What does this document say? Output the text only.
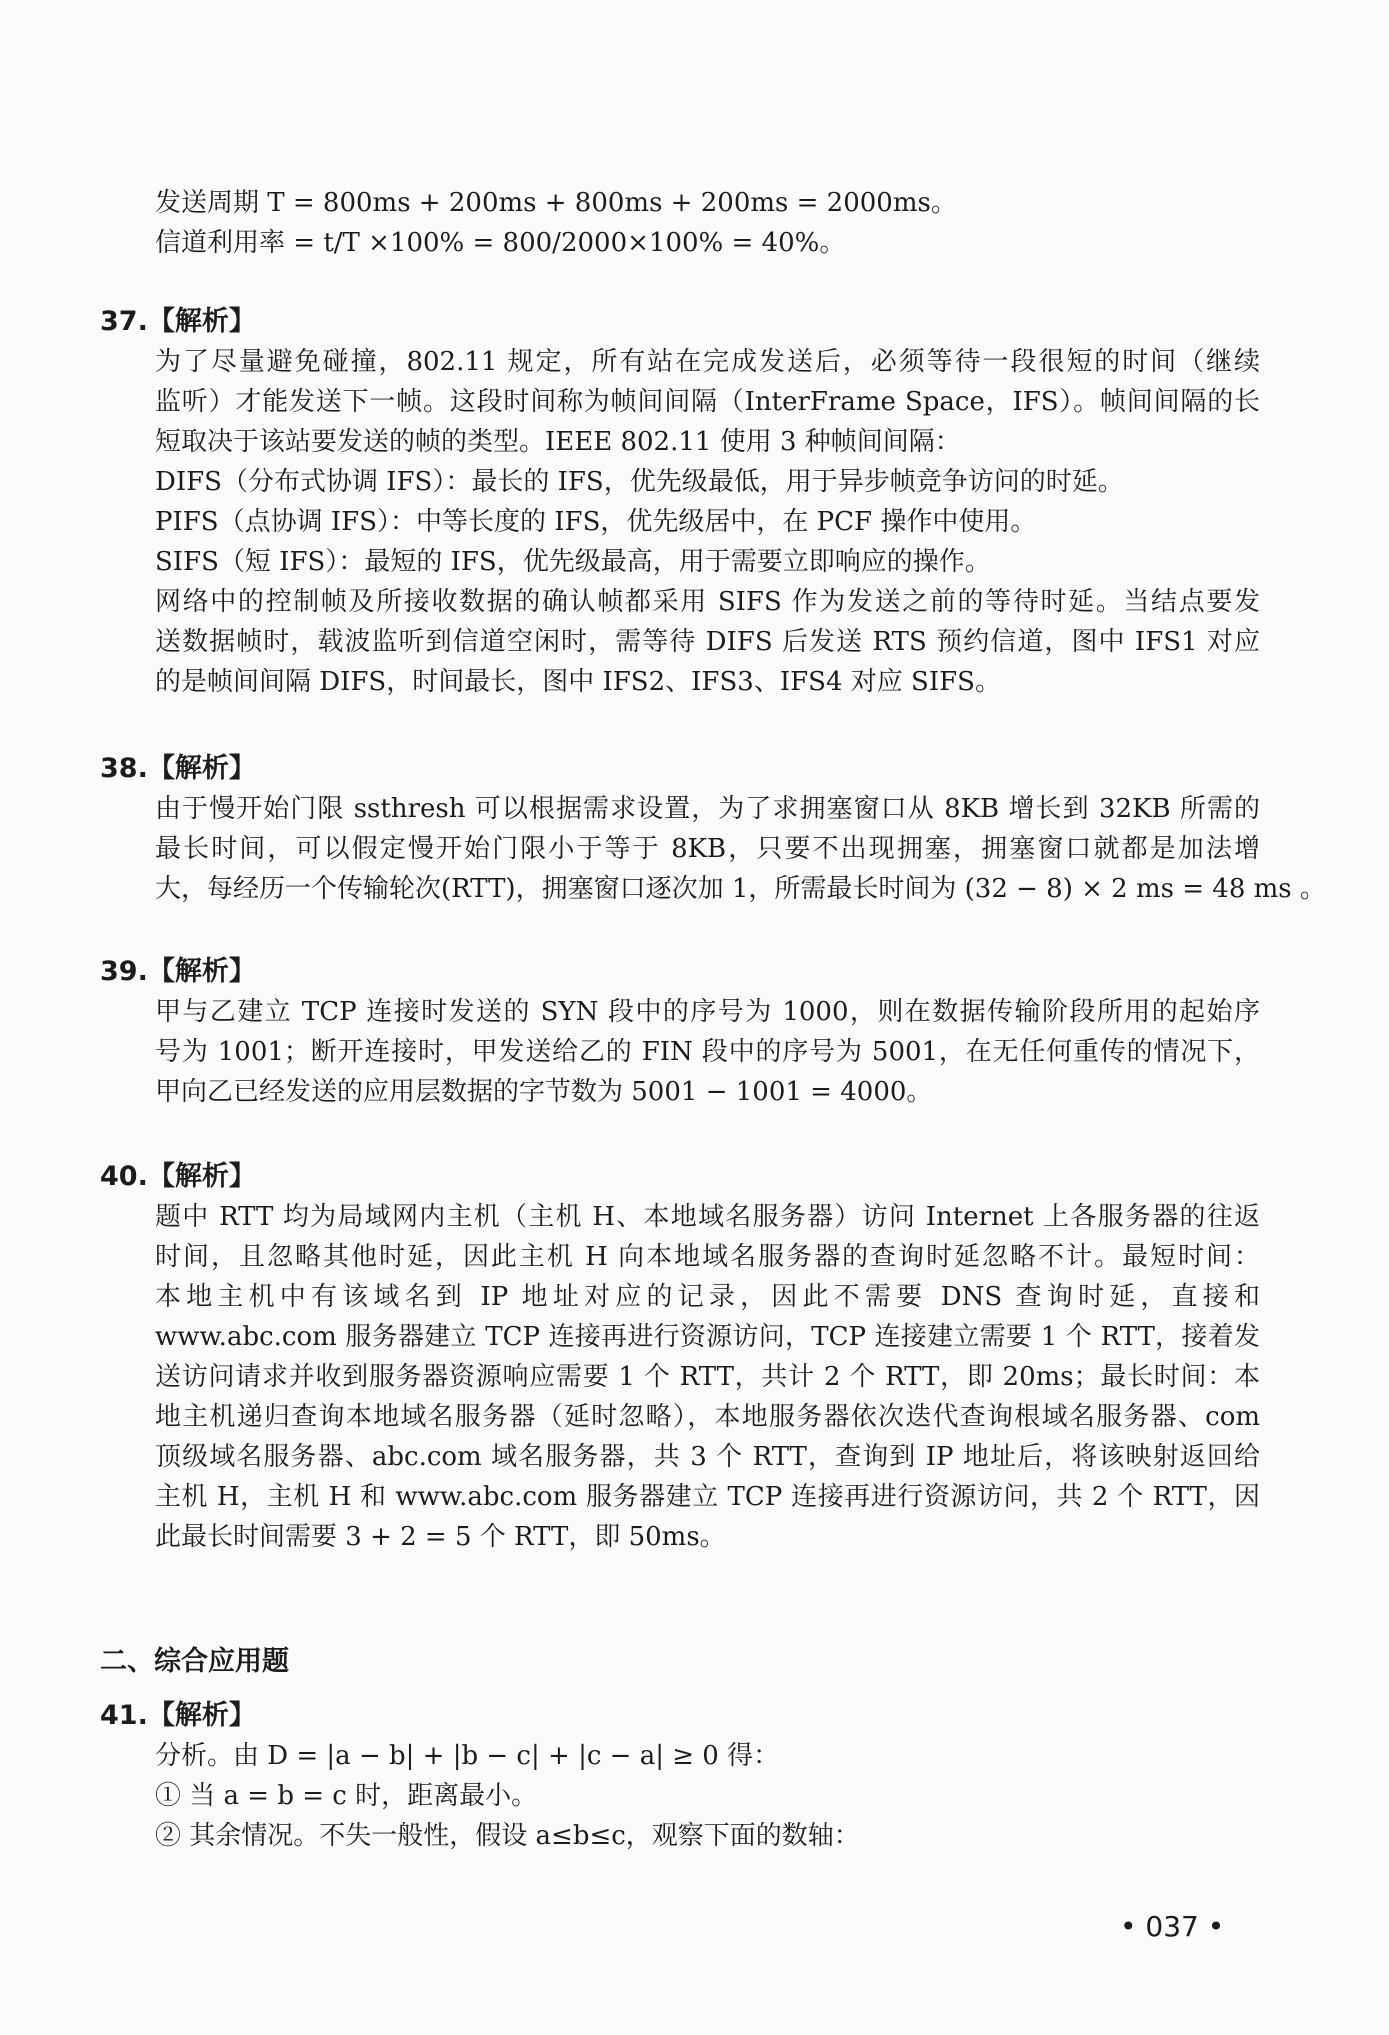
发送周期 T = 800ms + 200ms + 800ms + 200ms = 2000ms。
信道利用率 = t/T ×100% = 800/2000×100% = 40%。
37.【解析】
为了尽量避免碰撞，802.11 规定，所有站在完成发送后，必须等待一段很短的时间（继续
监听）才能发送下一帧。这段时间称为帧间间隔（InterFrame Space，IFS）。帧间间隔的长
短取决于该站要发送的帧的类型。IEEE 802.11 使用 3 种帧间间隔：
DIFS（分布式协调 IFS）：最长的 IFS，优先级最低，用于异步帧竞争访问的时延。
PIFS（点协调 IFS）：中等长度的 IFS，优先级居中，在 PCF 操作中使用。
SIFS（短 IFS）：最短的 IFS，优先级最高，用于需要立即响应的操作。
网络中的控制帧及所接收数据的确认帧都采用 SIFS 作为发送之前的等待时延。当结点要发
送数据帧时，载波监听到信道空闲时，需等待 DIFS 后发送 RTS 预约信道，图中 IFS1 对应
的是帧间间隔 DIFS，时间最长，图中 IFS2、IFS3、IFS4 对应 SIFS。
38.【解析】
由于慢开始门限 ssthresh 可以根据需求设置，为了求拥塞窗口从 8KB 增长到 32KB 所需的
最长时间，可以假定慢开始门限小于等于 8KB，只要不出现拥塞，拥塞窗口就都是加法增
大，每经历一个传输轮次(RTT)，拥塞窗口逐次加 1，所需最长时间为 (32 − 8) × 2 ms = 48 ms 。
39.【解析】
甲与乙建立 TCP 连接时发送的 SYN 段中的序号为 1000，则在数据传输阶段所用的起始序
号为 1001；断开连接时，甲发送给乙的 FIN 段中的序号为 5001，在无任何重传的情况下，
甲向乙已经发送的应用层数据的字节数为 5001 − 1001 = 4000。
40.【解析】
题中 RTT 均为局域网内主机（主机 H、本地域名服务器）访问 Internet 上各服务器的往返
时间，且忽略其他时延，因此主机 H 向本地域名服务器的查询时延忽略不计。最短时间：
本地主机中有该域名到 IP 地址对应的记录，因此不需要 DNS 查询时延，直接和
www.abc.com 服务器建立 TCP 连接再进行资源访问，TCP 连接建立需要 1 个 RTT，接着发
送访问请求并收到服务器资源响应需要 1 个 RTT，共计 2 个 RTT，即 20ms；最长时间：本
地主机递归查询本地域名服务器（延时忽略），本地服务器依次迭代查询根域名服务器、com
顶级域名服务器、abc.com 域名服务器，共 3 个 RTT，查询到 IP 地址后，将该映射返回给
主机 H，主机 H 和 www.abc.com 服务器建立 TCP 连接再进行资源访问，共 2 个 RTT，因
此最长时间需要 3 + 2 = 5 个 RTT，即 50ms。
二、综合应用题
41.【解析】
分析。由 D = |a − b| + |b − c| + |c − a| ≥ 0 得：
① 当 a = b = c 时，距离最小。
② 其余情况。不失一般性，假设 a≤b≤c，观察下面的数轴：
• 037 •
